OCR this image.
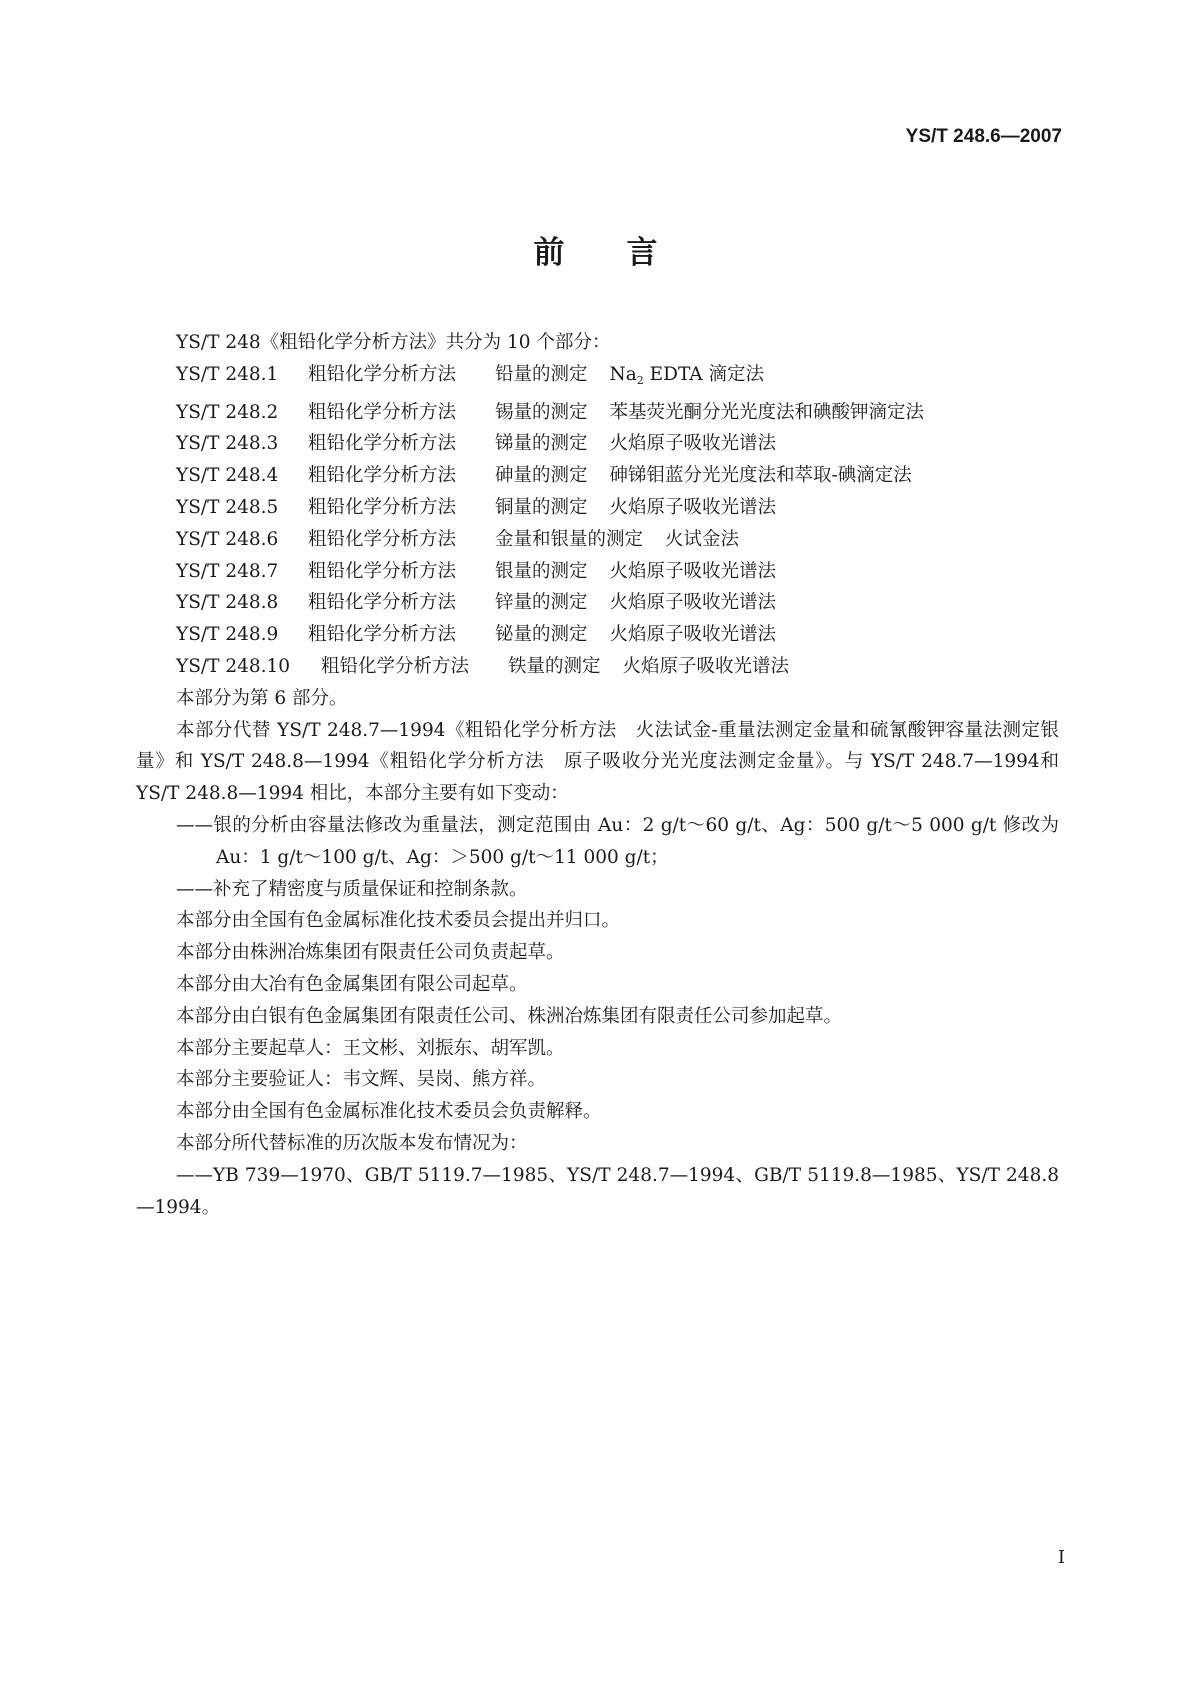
YS/T 248.6—2007
前　　言

YS/T 248《粗铅化学分析方法》共分为 10 个部分：

YS/T 248.1	粗铅化学分析方法	铅量的测定 $Na_2$ EDTA 滴定法
YS/T 248.2	粗铅化学分析方法	锡量的测定 苯基荧光酮分光光度法和碘酸钾滴定法
YS/T 248.3	粗铅化学分析方法	锑量的测定 火焰原子吸收光谱法
YS/T 248.4	粗铅化学分析方法	砷量的测定 砷锑钼蓝分光光度法和萃取-碘滴定法
YS/T 248.5	粗铅化学分析方法	铜量的测定 火焰原子吸收光谱法
YS/T 248.6	粗铅化学分析方法	金量和银量的测定 火试金法
YS/T 248.7	粗铅化学分析方法	银量的测定 火焰原子吸收光谱法
YS/T 248.8	粗铅化学分析方法	锌量的测定 火焰原子吸收光谱法
YS/T 248.9	粗铅化学分析方法	铋量的测定 火焰原子吸收光谱法
YS/T 248.10	粗铅化学分析方法	铁量的测定 火焰原子吸收光谱法

本部分为第 6 部分。

本部分代替 YS/T 248.7—1994《粗铅化学分析方法　火法试金-重量法测定金量和硫氰酸钾容量法测定银量》和 YS/T 248.8—1994《粗铅化学分析方法　原子吸收分光光度法测定金量》。与 YS/T 248.7—1994和 YS/T 248.8—1994 相比，本部分主要有如下变动：

——银的分析由容量法修改为重量法，测定范围由 Au：2 g/t～60 g/t、Ag：500 g/t～5 000 g/t 修改为 Au：1 g/t～100 g/t、Ag：＞500 g/t～11 000 g/t；

——补充了精密度与质量保证和控制条款。

本部分由全国有色金属标准化技术委员会提出并归口。

本部分由株洲冶炼集团有限责任公司负责起草。

本部分由大冶有色金属集团有限公司起草。

本部分由白银有色金属集团有限责任公司、株洲冶炼集团有限责任公司参加起草。

本部分主要起草人：王文彬、刘振东、胡军凯。

本部分主要验证人：韦文辉、吴岗、熊方祥。

本部分由全国有色金属标准化技术委员会负责解释。

本部分所代替标准的历次版本发布情况为：

——YB 739—1970、GB/T 5119.7—1985、YS/T 248.7—1994、GB/T 5119.8—1985、YS/T 248.8—1994。

I
